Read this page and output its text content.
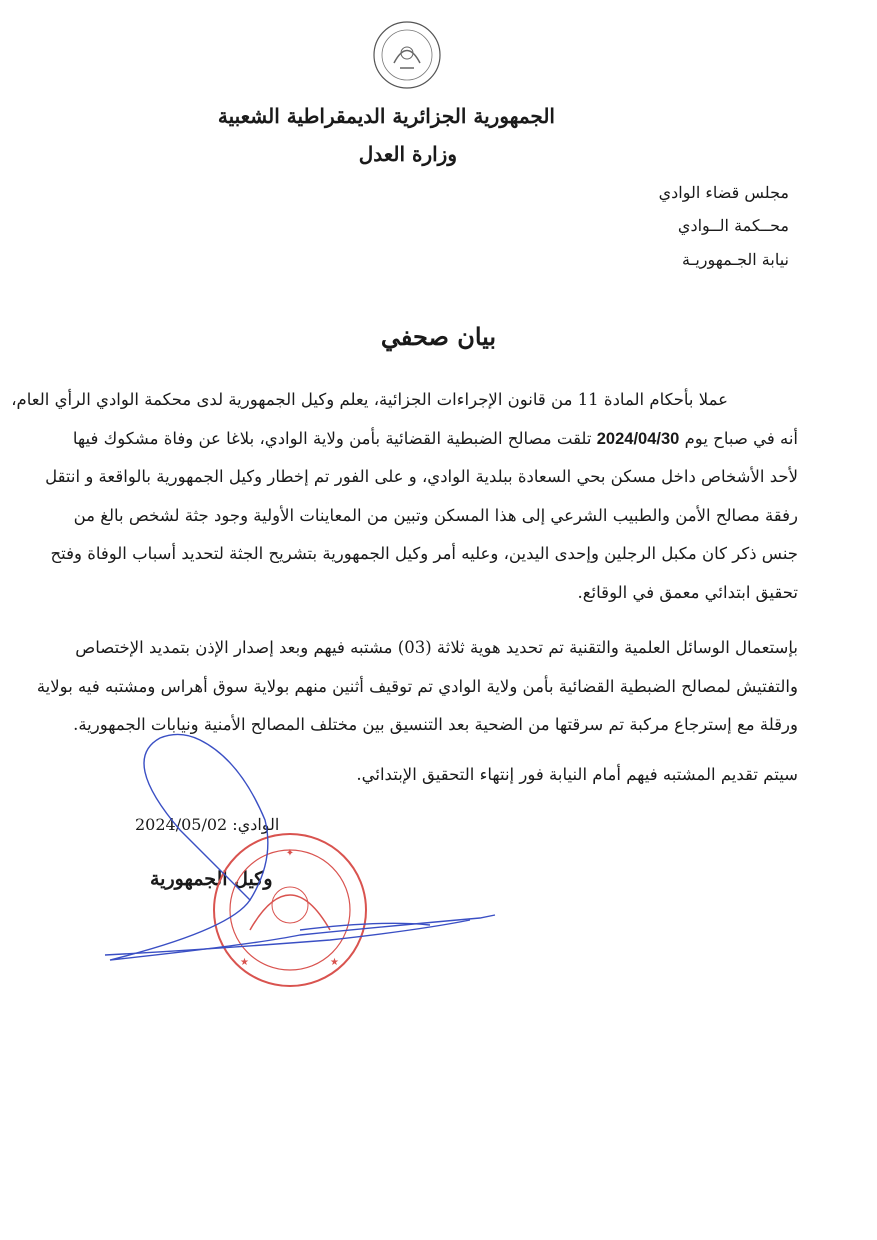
الجمهورية الجزائرية الديمقراطية الشعبية
وزارة العدل
مجلس قضاء الوادي
محــكمة الــوادي
نيابة الجـمهوريـة
بيان صحفي
عملا بأحكام المادة 11 من قانون الإجراءات الجزائية، يعلم وكيل الجمهورية لدى محكمة الوادي الرأي العام،
أنه في صباح يوم 2024/04/30 تلقت مصالح الضبطية القضائية بأمن ولاية الوادي، بلاغا عن وفاة مشكوك فيها
لأحد الأشخاص داخل مسكن بحي السعادة ببلدية الوادي، و على الفور تم إخطار وكيل الجمهورية بالواقعة و انتقل
رفقة مصالح الأمن والطبيب الشرعي إلى هذا المسكن وتبين من المعاينات الأولية وجود جثة لشخص بالغ من
جنس ذكر كان مكبل الرجلين وإحدى اليدين، وعليه أمر وكيل الجمهورية بتشريح الجثة لتحديد أسباب الوفاة وفتح
تحقيق ابتدائي معمق في الوقائع.
بإستعمال الوسائل العلمية والتقنية تم تحديد هوية ثلاثة (03) مشتبه فيهم وبعد إصدار الإذن بتمديد الإختصاص
والتفتيش لمصالح الضبطية القضائية بأمن ولاية الوادي تم توقيف أثنين منهم بولاية سوق أهراس ومشتبه فيه بولاية
ورقلة مع إسترجاع مركبة تم سرقتها من الضحية بعد التنسيق بين مختلف المصالح الأمنية ونيابات الجمهورية.
سيتم تقديم المشتبه فيهم أمام النيابة فور إنتهاء التحقيق الإبتدائي.
الوادي: 2024/05/02
وكيل الجمهورية
✦
★	★
